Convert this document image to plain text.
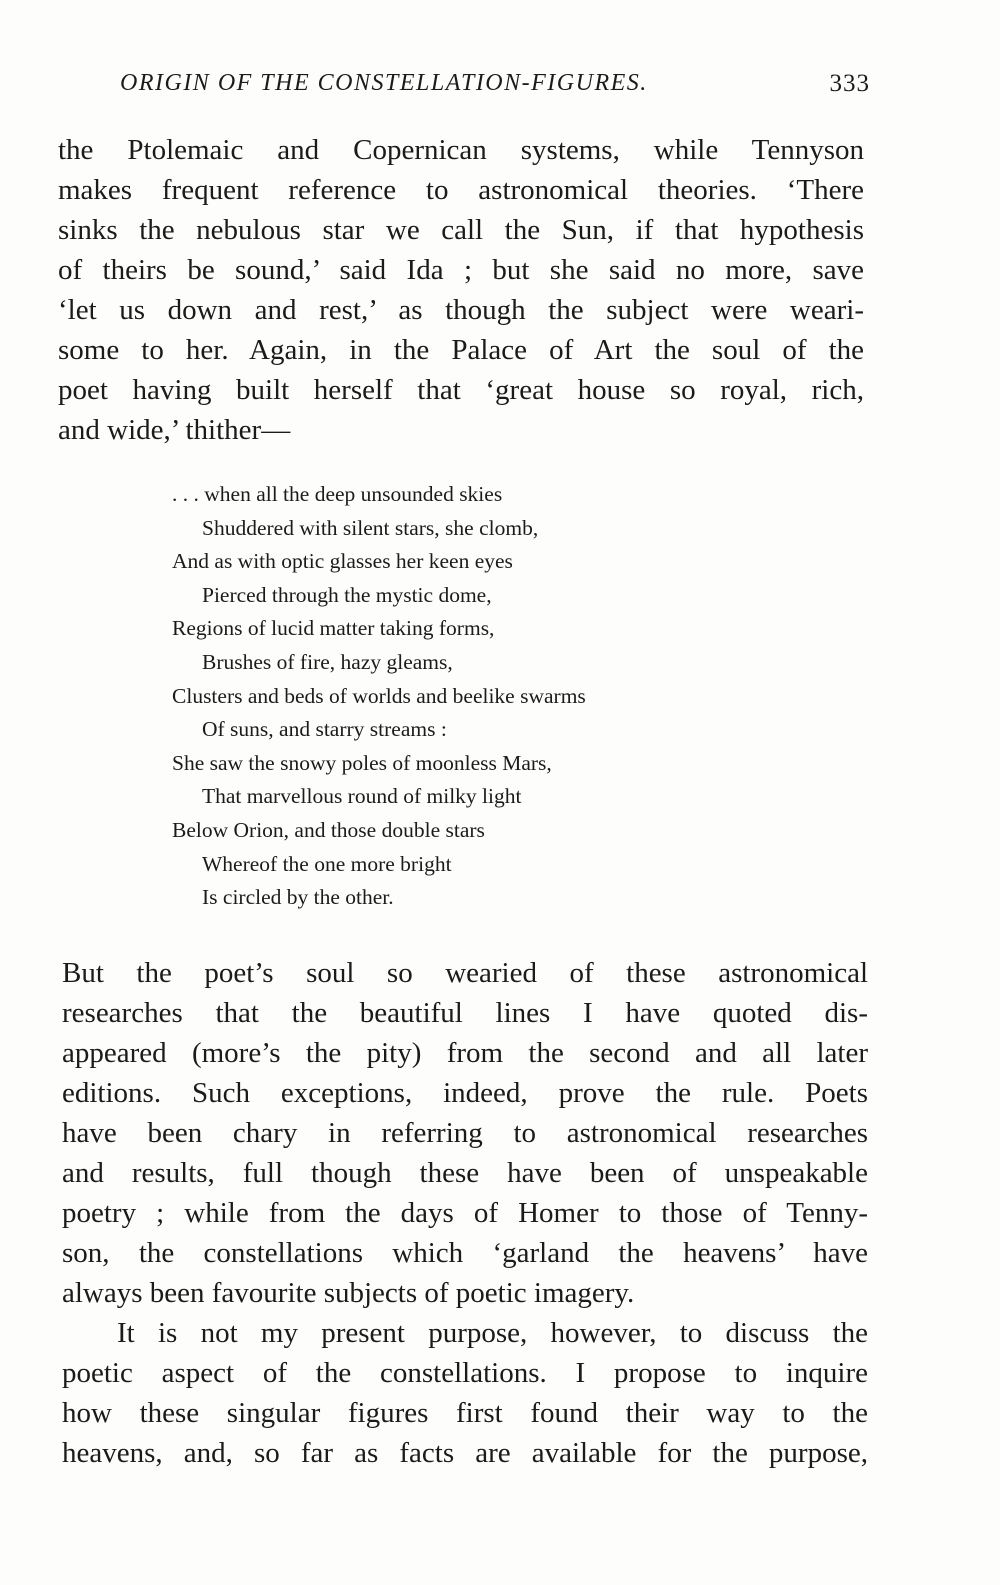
ORIGIN OF THE CONSTELLATION-FIGURES.	333
the Ptolemaic and Copernican systems, while Tennyson
makes frequent reference to astronomical theories. ‘There
sinks the nebulous star we call the Sun, if that hypothesis
of theirs be sound,’ said Ida ; but she said no more, save
‘let us down and rest,’ as though the subject were weari-
some to her. Again, in the Palace of Art the soul of the
poet having built herself that ‘great house so royal, rich,
and wide,’ thither—
. . . when all the deep unsounded skies
Shuddered with silent stars, she clomb,
And as with optic glasses her keen eyes
Pierced through the mystic dome,
Regions of lucid matter taking forms,
Brushes of fire, hazy gleams,
Clusters and beds of worlds and beelike swarms
Of suns, and starry streams :
She saw the snowy poles of moonless Mars,
That marvellous round of milky light
Below Orion, and those double stars
Whereof the one more bright
Is circled by the other.
But the poet’s soul so wearied of these astronomical
researches that the beautiful lines I have quoted dis-
appeared (more’s the pity) from the second and all later
editions. Such exceptions, indeed, prove the rule. Poets
have been chary in referring to astronomical researches
and results, full though these have been of unspeakable
poetry ; while from the days of Homer to those of Tenny-
son, the constellations which ‘garland the heavens’ have
always been favourite subjects of poetic imagery.
It is not my present purpose, however, to discuss the
poetic aspect of the constellations. I propose to inquire
how these singular figures first found their way to the
heavens, and, so far as facts are available for the purpose,
